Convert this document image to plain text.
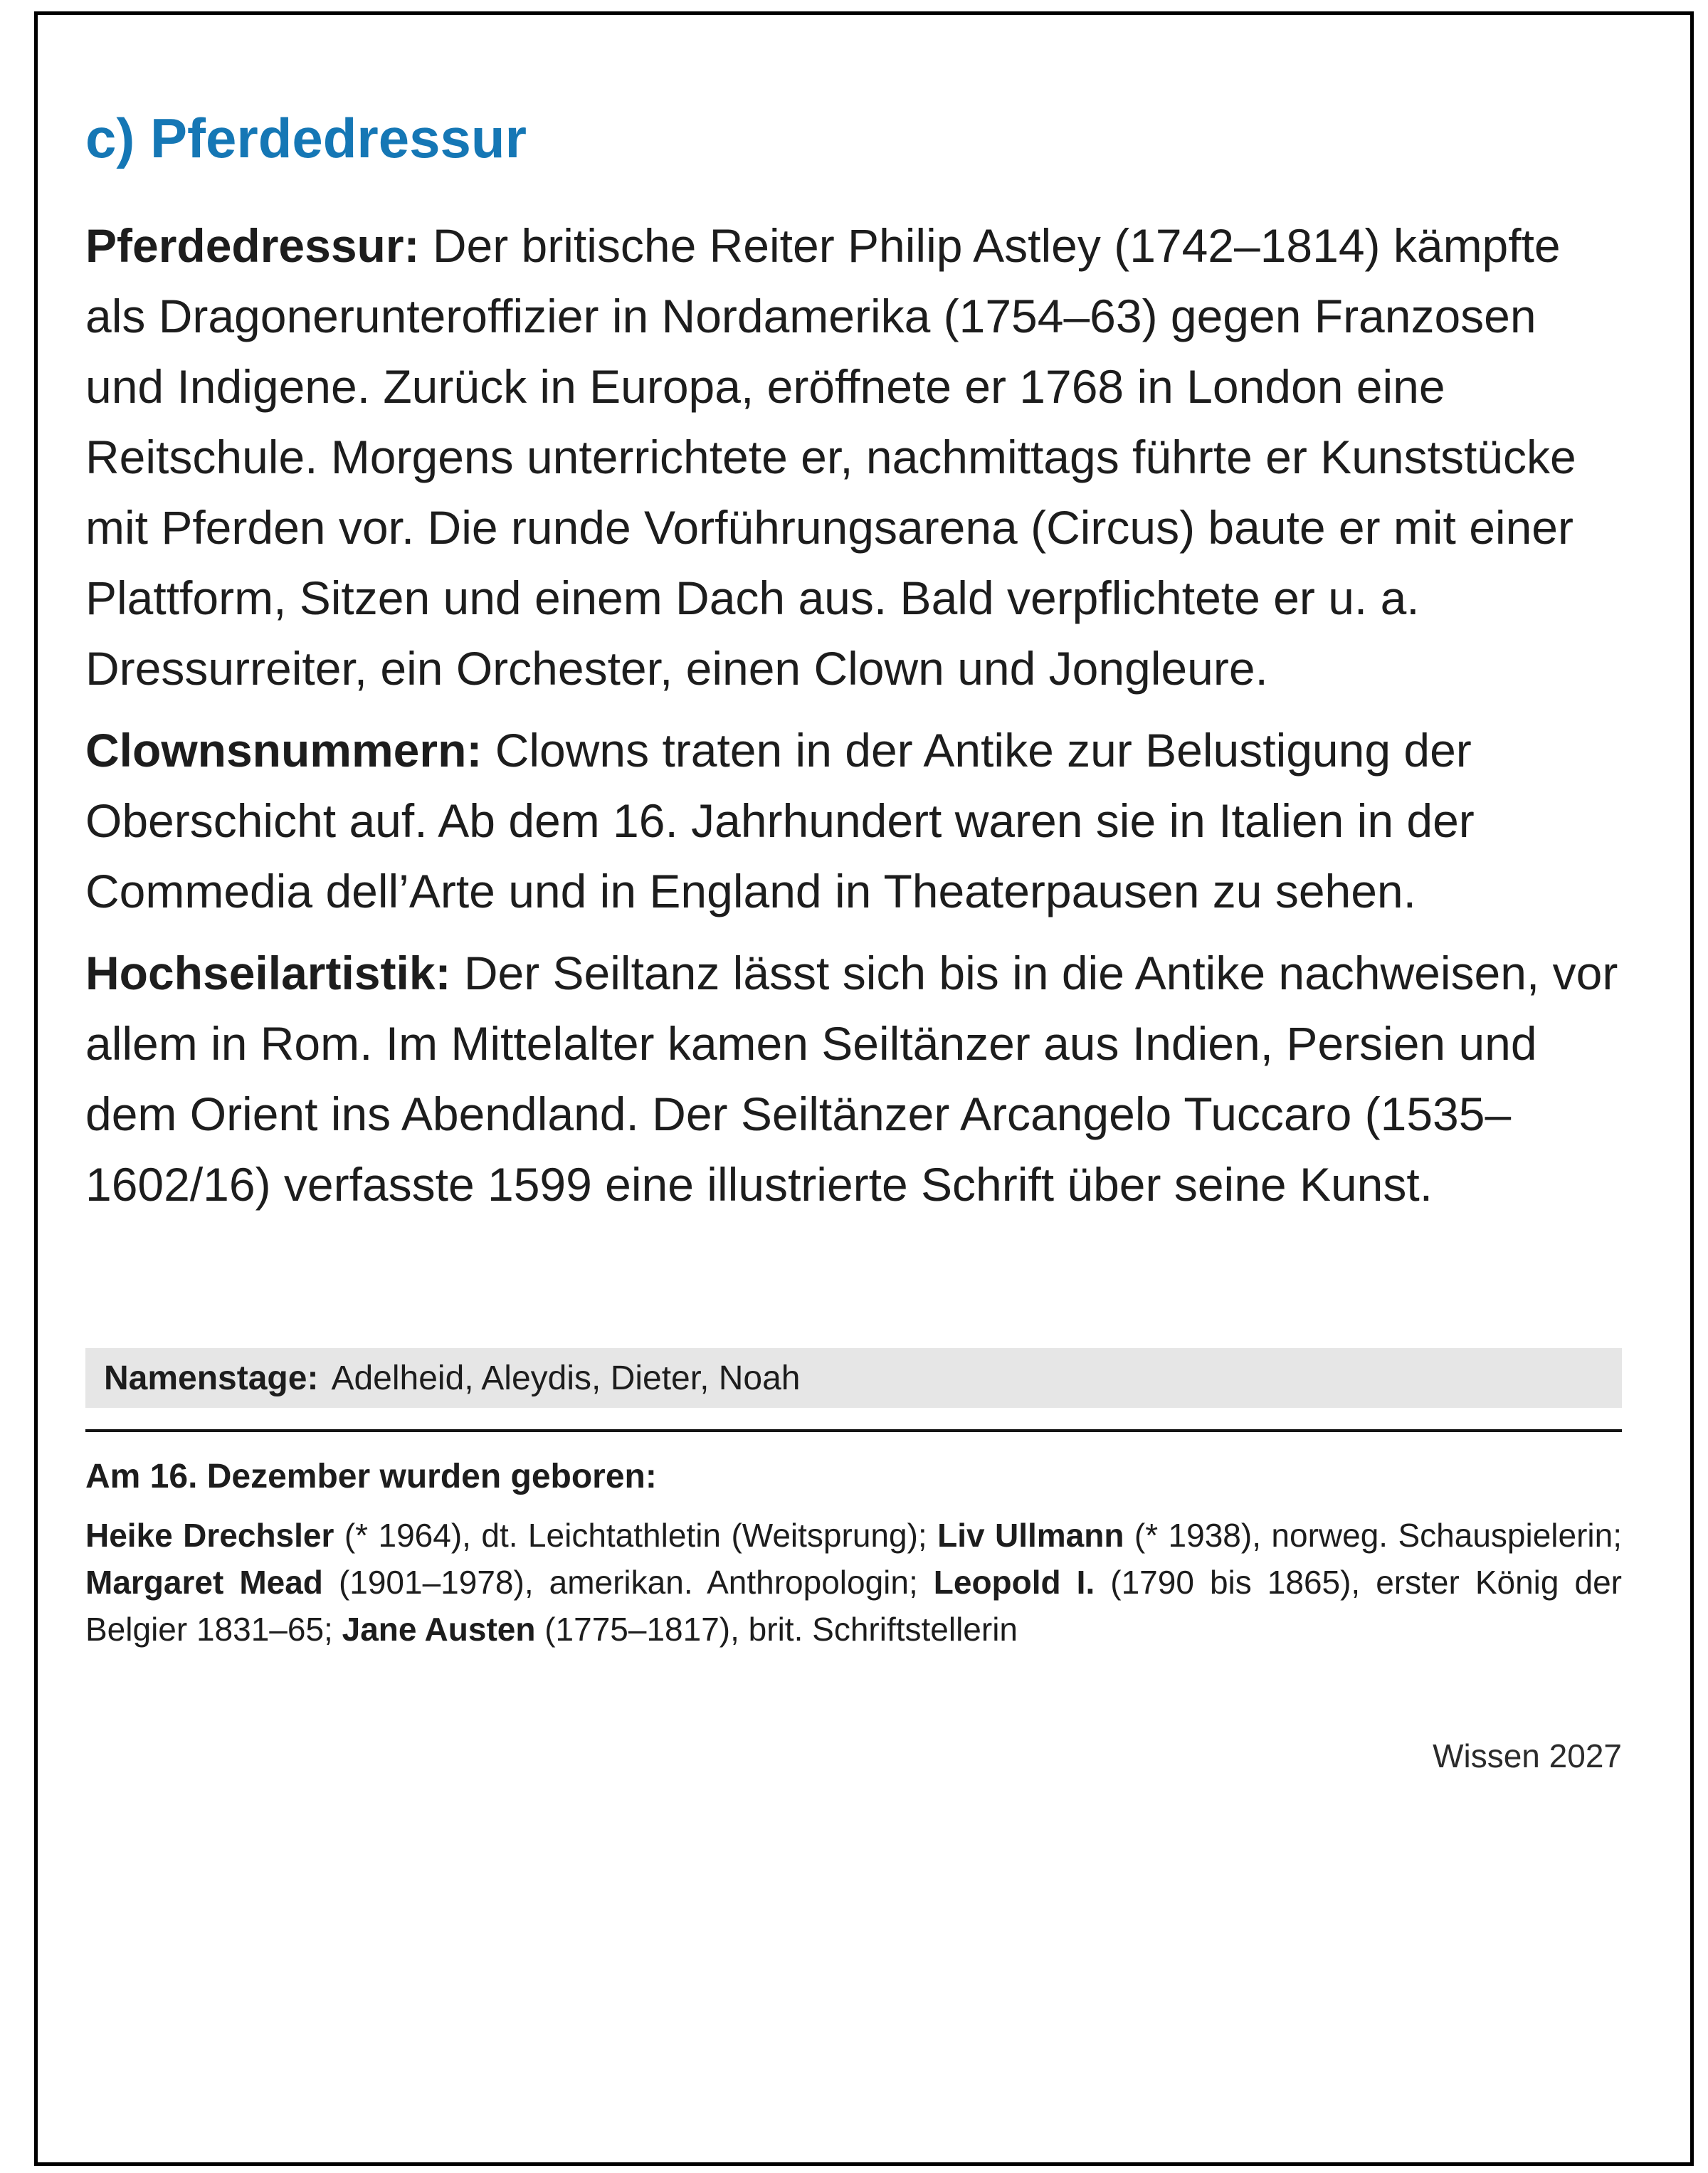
c) Pferdedressur

Pferdedressur: Der britische Reiter Philip Astley (1742–1814) kämpfte als Dragonerunteroffizier in Nordamerika (1754–63) gegen Franzosen und Indigene. Zurück in Europa, eröffnete er 1768 in London eine Reitschule. Morgens unterrichtete er, nachmittags führte er Kunststücke mit Pferden vor. Die runde Vorführungsarena (Circus) baute er mit einer Plattform, Sitzen und einem Dach aus. Bald verpflichtete er u. a. Dressurreiter, ein Orchester, einen Clown und Jongleure.

Clownsnummern: Clowns traten in der Antike zur Belustigung der Oberschicht auf. Ab dem 16. Jahrhundert waren sie in Italien in der Commedia dell’Arte und in England in Theaterpausen zu sehen.

Hochseilartistik: Der Seiltanz lässt sich bis in die Antike nachweisen, vor allem in Rom. Im Mittelalter kamen Seiltänzer aus Indien, Persien und dem Orient ins Abendland. Der Seiltänzer Arcangelo Tuccaro (1535–1602/16) verfasste 1599 eine illustrierte Schrift über seine Kunst.

Namenstage: Adelheid, Aleydis, Dieter, Noah
Am 16. Dezember wurden geboren:

Heike Drechsler (* 1964), dt. Leichtathletin (Weitsprung); Liv Ullmann (* 1938), norweg. Schauspielerin; Margaret Mead (1901–1978), amerikan. Anthropologin; Leopold I. (1790 bis 1865), erster König der Belgier 1831–65; Jane Austen (1775–1817), brit. Schriftstellerin

Wissen 2027
